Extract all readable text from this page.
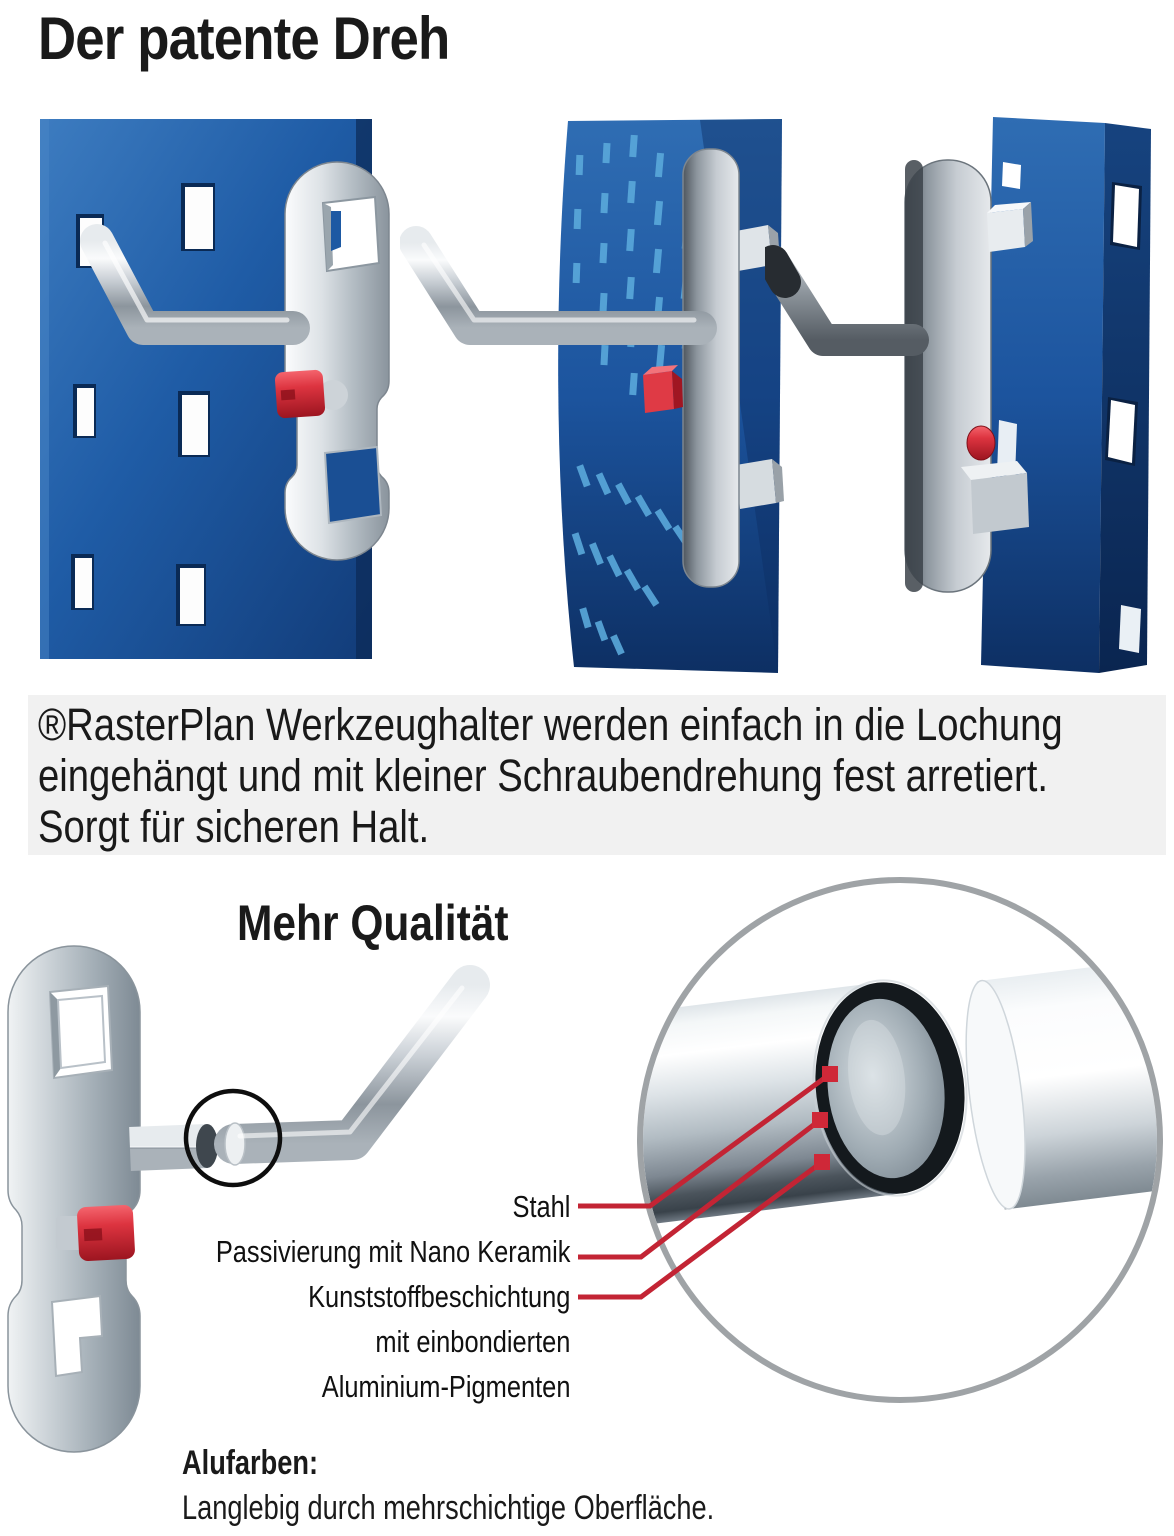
Der patente Dreh
®RasterPlan Werkzeughalter werden einfach in die Lochung
eingehängt und mit kleiner Schraubendrehung fest arretiert.
Sorgt für sicheren Halt.
Mehr Qualität
Stahl
Passivierung mit Nano Keramik
Kunststoffbeschichtung
mit einbondierten
Aluminium-Pigmenten
Alufarben:
Langlebig durch mehrschichtige Oberfläche.
